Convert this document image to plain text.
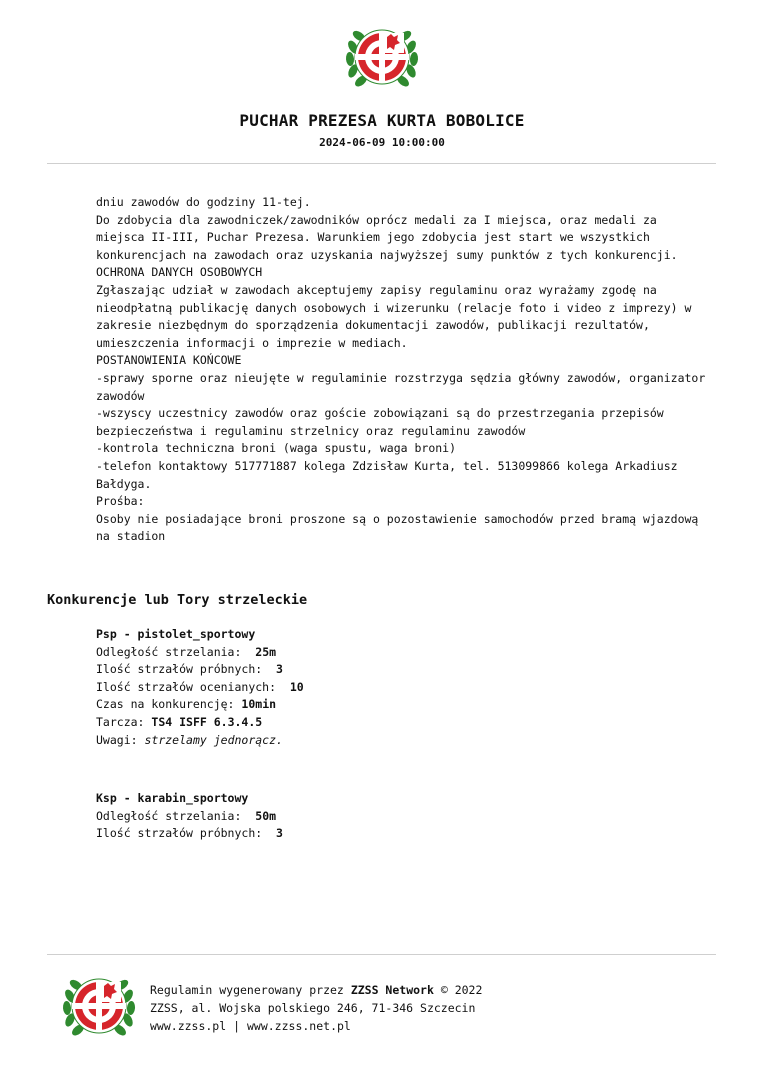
PUCHAR PREZESA KURTA BOBOLICE
2024-06-09 10:00:00
dniu zawodów do godziny 11-tej.
Do zdobycia dla zawodniczek/zawodników oprócz medali za I miejsca, oraz medali za
miejsca II-III, Puchar Prezesa. Warunkiem jego zdobycia jest start we wszystkich
konkurencjach na zawodach oraz uzyskania najwyższej sumy punktów z tych konkurencji.
OCHRONA DANYCH OSOBOWYCH
Zgłaszając udział w zawodach akceptujemy zapisy regulaminu oraz wyrażamy zgodę na
nieodpłatną publikację danych osobowych i wizerunku (relacje foto i video z imprezy) w
zakresie niezbędnym do sporządzenia dokumentacji zawodów, publikacji rezultatów,
umieszczenia informacji o imprezie w mediach.
POSTANOWIENIA KOŃCOWE
-sprawy sporne oraz nieujęte w regulaminie rozstrzyga sędzia główny zawodów, organizator
zawodów
-wszyscy uczestnicy zawodów oraz goście zobowiązani są do przestrzegania przepisów
bezpieczeństwa i regulaminu strzelnicy oraz regulaminu zawodów
-kontrola techniczna broni (waga spustu, waga broni)
-telefon kontaktowy 517771887 kolega Zdzisław Kurta, tel. 513099866 kolega Arkadiusz
Bałdyga.
Prośba:
Osoby nie posiadające broni proszone są o pozostawienie samochodów przed bramą wjazdową
na stadion
Konkurencje lub Tory strzeleckie
Psp - pistolet_sportowy
Odległość strzelania: 25m
Ilość strzałów próbnych: 3
Ilość strzałów ocenianych: 10
Czas na konkurencję: 10min
Tarcza: TS4 ISFF 6.3.4.5
Uwagi: strzelamy jednorącz.
Ksp - karabin_sportowy
Odległość strzelania: 50m
Ilość strzałów próbnych: 3
Regulamin wygenerowany przez ZZSS Network © 2022
ZZSS, al. Wojska polskiego 246, 71-346 Szczecin
www.zzss.pl | www.zzss.net.pl
